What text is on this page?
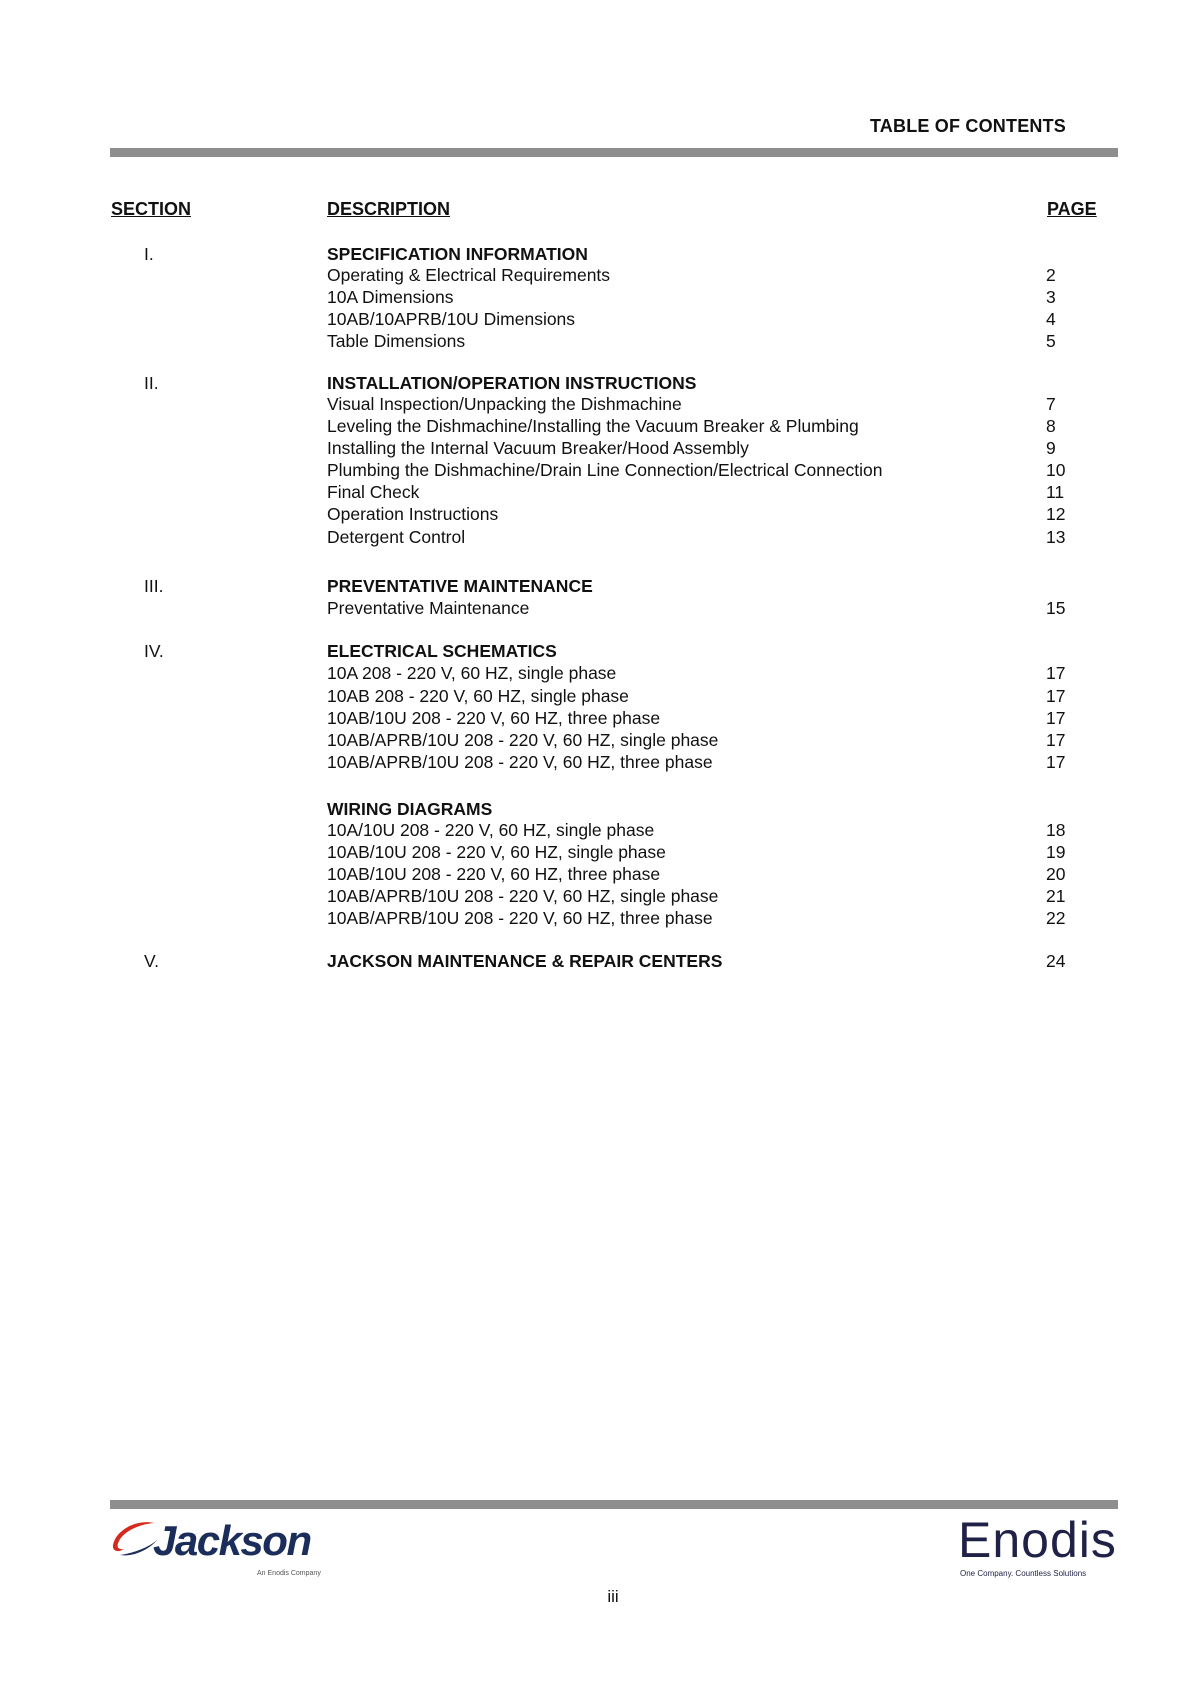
TABLE OF CONTENTS
SECTION	DESCRIPTION	PAGE
I.	SPECIFICATION INFORMATION
Operating & Electrical Requirements	2
10A Dimensions	3
10AB/10APRB/10U Dimensions	4
Table Dimensions	5
II.	INSTALLATION/OPERATION INSTRUCTIONS
Visual Inspection/Unpacking the Dishmachine	7
Leveling the Dishmachine/Installing the Vacuum Breaker & Plumbing	8
Installing the Internal Vacuum Breaker/Hood Assembly	9
Plumbing the Dishmachine/Drain Line Connection/Electrical Connection	10
Final Check	11
Operation Instructions	12
Detergent Control	13
III.	PREVENTATIVE MAINTENANCE
Preventative Maintenance	15
IV.	ELECTRICAL SCHEMATICS
10A 208 - 220 V, 60 HZ, single phase	17
10AB 208 - 220 V, 60 HZ, single phase	17
10AB/10U 208 - 220 V, 60 HZ, three phase	17
10AB/APRB/10U 208 - 220 V, 60 HZ, single phase	17
10AB/APRB/10U 208 - 220 V, 60 HZ, three phase	17
WIRING DIAGRAMS
10A/10U 208 - 220 V, 60 HZ, single phase	18
10AB/10U 208 - 220 V, 60 HZ, single phase	19
10AB/10U 208 - 220 V, 60 HZ, three phase	20
10AB/APRB/10U 208 - 220 V, 60 HZ, single phase	21
10AB/APRB/10U 208 - 220 V, 60 HZ, three phase	22
V.	JACKSON MAINTENANCE & REPAIR CENTERS	24
Jackson
An Enodis Company
iii
Enodis
One Company. Countless Solutions
